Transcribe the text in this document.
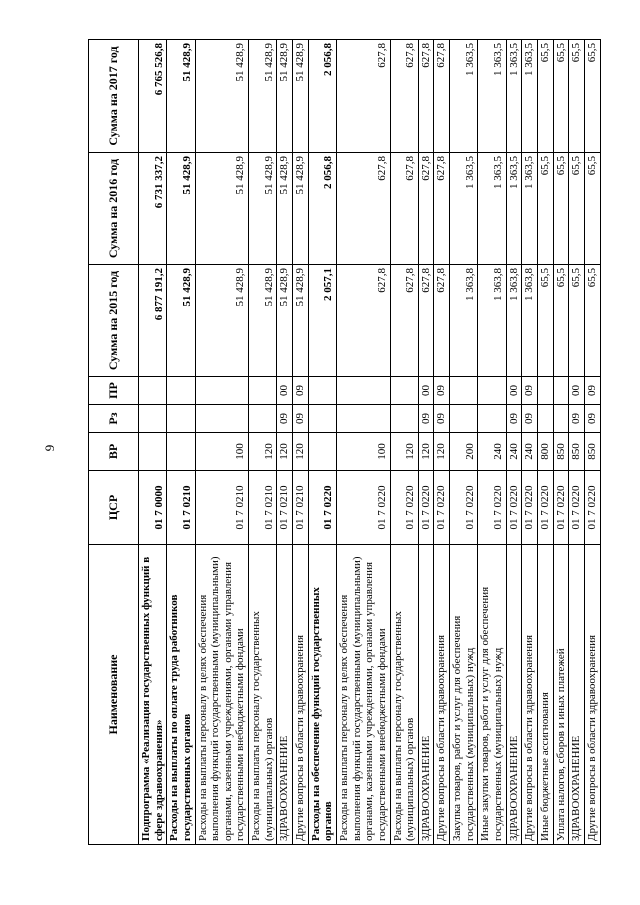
9
Наименование	ЦСР	ВР	Рз	ПР	Сумма на 2015 год	Сумма на 2016 год	Сумма на 2017 год
Подпрограмма «Реализация государственных функций в сфере здравоохранения»	01 7 0000				6 877 191,2	6 731 337,2	6 765 526,8
Расходы на выплаты по оплате труда работников государственных органов	01 7 0210				51 428,9	51 428,9	51 428,9
Расходы на выплаты персоналу в целях обеспечения выполнения функций государственными (муниципальными) органами, казенными учреждениями, органами управления государственными внебюджетными фондами	01 7 0210	100			51 428,9	51 428,9	51 428,9
Расходы на выплаты персоналу государственных (муниципальных) органов	01 7 0210	120			51 428,9	51 428,9	51 428,9
ЗДРАВООХРАНЕНИЕ	01 7 0210	120	09	00	51 428,9	51 428,9	51 428,9
Другие вопросы в области здравоохранения	01 7 0210	120	09	09	51 428,9	51 428,9	51 428,9
Расходы на обеспечение функций государственных органов	01 7 0220				2 057,1	2 056,8	2 056,8
Расходы на выплаты персоналу в целях обеспечения выполнения функций государственными (муниципальными) органами, казенными учреждениями, органами управления государственными внебюджетными фондами	01 7 0220	100			627,8	627,8	627,8
Расходы на выплаты персоналу государственных (муниципальных) органов	01 7 0220	120			627,8	627,8	627,8
ЗДРАВООХРАНЕНИЕ	01 7 0220	120	09	00	627,8	627,8	627,8
Другие вопросы в области здравоохранения	01 7 0220	120	09	09	627,8	627,8	627,8
Закупка товаров, работ и услуг для обеспечения государственных (муниципальных) нужд	01 7 0220	200			1 363,8	1 363,5	1 363,5
Иные закупки товаров, работ и услуг для обеспечения государственных (муниципальных) нужд	01 7 0220	240			1 363,8	1 363,5	1 363,5
ЗДРАВООХРАНЕНИЕ	01 7 0220	240	09	00	1 363,8	1 363,5	1 363,5
Другие вопросы в области здравоохранения	01 7 0220	240	09	09	1 363,8	1 363,5	1 363,5
Иные бюджетные ассигнования	01 7 0220	800			65,5	65,5	65,5
Уплата налогов, сборов и иных платежей	01 7 0220	850			65,5	65,5	65,5
ЗДРАВООХРАНЕНИЕ	01 7 0220	850	09	00	65,5	65,5	65,5
Другие вопросы в области здравоохранения	01 7 0220	850	09	09	65,5	65,5	65,5
